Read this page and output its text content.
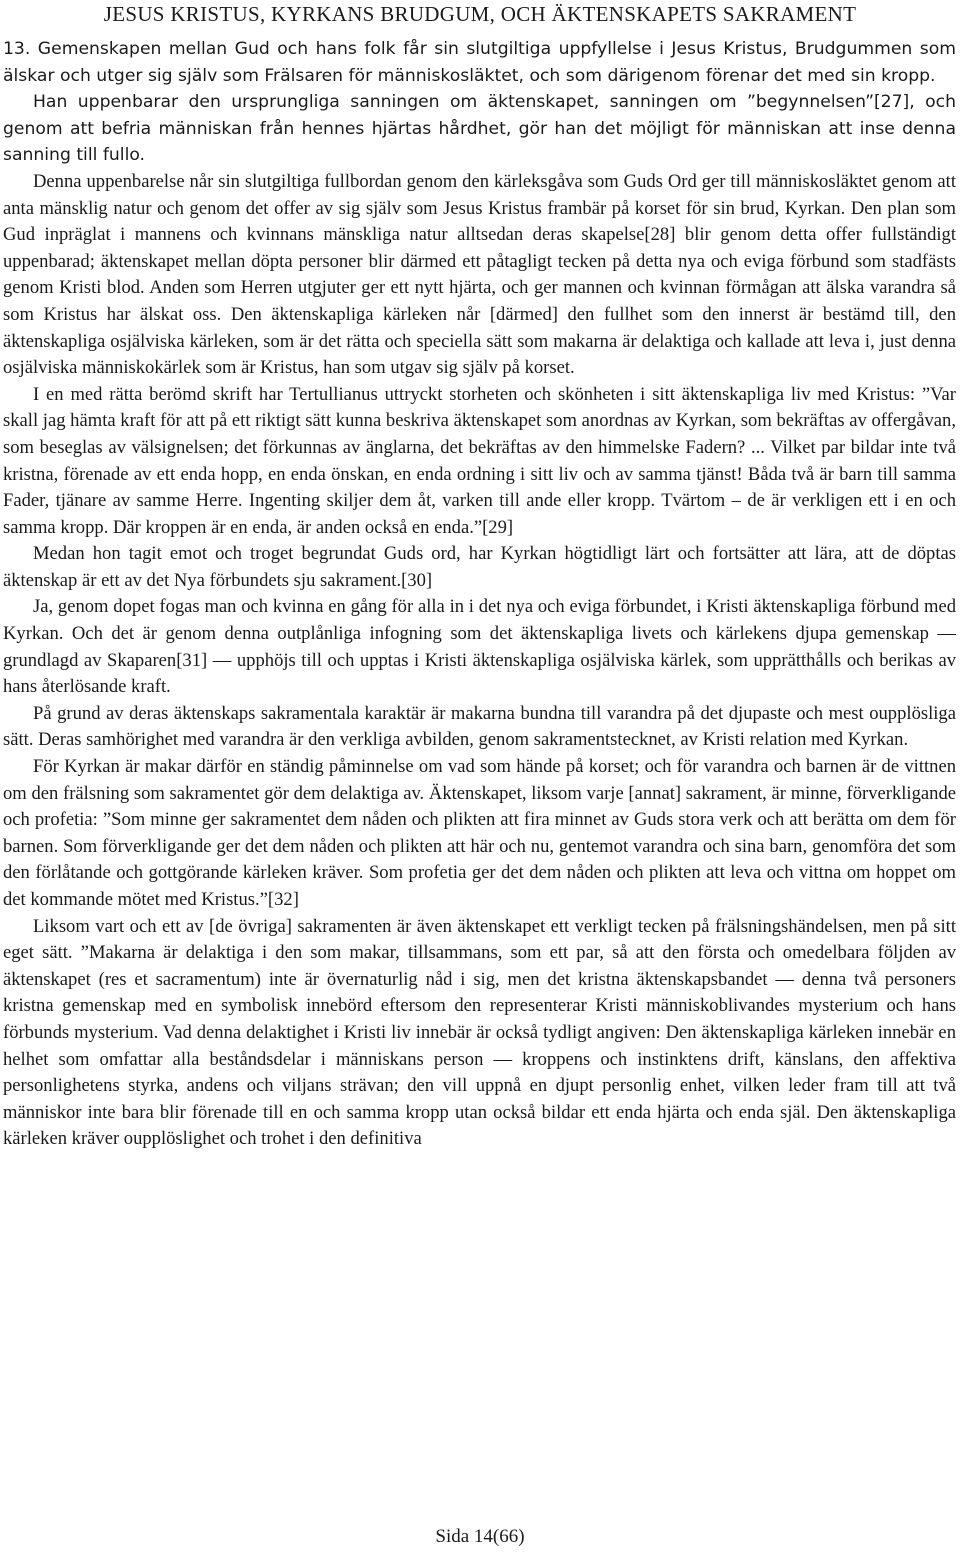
JESUS KRISTUS, KYRKANS BRUDGUM, OCH ÄKTENSKAPETS SAKRAMENT

13. Gemenskapen mellan Gud och hans folk får sin slutgiltiga uppfyllelse i Jesus Kristus, Brudgummen som älskar och utger sig själv som Frälsaren för människosläktet, och som därigenom förenar det med sin kropp.

Han uppenbarar den ursprungliga sanningen om äktenskapet, sanningen om ”begynnelsen”[27], och genom att befria människan från hennes hjärtas hårdhet, gör han det möjligt för människan att inse denna sanning till fullo.

Denna uppenbarelse når sin slutgiltiga fullbordan genom den kärleksgåva som Guds Ord ger till människosläktet genom att anta mänsklig natur och genom det offer av sig själv som Jesus Kristus frambär på korset för sin brud, Kyrkan. Den plan som Gud inpräglat i mannens och kvinnans mänskliga natur alltsedan deras skapelse[28] blir genom detta offer fullständigt uppenbarad; äktenskapet mellan döpta personer blir därmed ett påtagligt tecken på detta nya och eviga förbund som stadfästs genom Kristi blod. Anden som Herren utgjuter ger ett nytt hjärta, och ger mannen och kvinnan förmågan att älska varandra så som Kristus har älskat oss. Den äktenskapliga kärleken når [därmed] den fullhet som den innerst är bestämd till, den äktenskapliga osjälviska kärleken, som är det rätta och speciella sätt som makarna är delaktiga och kallade att leva i, just denna osjälviska människokärlek som är Kristus, han som utgav sig själv på korset.

I en med rätta berömd skrift har Tertullianus uttryckt storheten och skönheten i sitt äktenskapliga liv med Kristus: ”Var skall jag hämta kraft för att på ett riktigt sätt kunna beskriva äktenskapet som anordnas av Kyrkan, som bekräftas av offergåvan, som beseglas av välsignelsen; det förkunnas av änglarna, det bekräftas av den himmelske Fadern? ... Vilket par bildar inte två kristna, förenade av ett enda hopp, en enda önskan, en enda ordning i sitt liv och av samma tjänst! Båda två är barn till samma Fader, tjänare av samme Herre. Ingenting skiljer dem åt, varken till ande eller kropp. Tvärtom – de är verkligen ett i en och samma kropp. Där kroppen är en enda, är anden också en enda.”[29]

Medan hon tagit emot och troget begrundat Guds ord, har Kyrkan högtidligt lärt och fortsätter att lära, att de döptas äktenskap är ett av det Nya förbundets sju sakrament.[30]

Ja, genom dopet fogas man och kvinna en gång för alla in i det nya och eviga förbundet, i Kristi äktenskapliga förbund med Kyrkan. Och det är genom denna outplånliga infogning som det äktenskapliga livets och kärlekens djupa gemenskap — grundlagd av Skaparen[31] — upphöjs till och upptas i Kristi äktenskapliga osjälviska kärlek, som upprätthålls och berikas av hans återlösande kraft.

På grund av deras äktenskaps sakramentala karaktär är makarna bundna till varandra på det djupaste och mest oupplösliga sätt. Deras samhörighet med varandra är den verkliga avbilden, genom sakramentstecknet, av Kristi relation med Kyrkan.

För Kyrkan är makar därför en ständig påminnelse om vad som hände på korset; och för varandra och barnen är de vittnen om den frälsning som sakramentet gör dem delaktiga av. Äktenskapet, liksom varje [annat] sakrament, är minne, förverkligande och profetia: ”Som minne ger sakramentet dem nåden och plikten att fira minnet av Guds stora verk och att berätta om dem för barnen. Som förverkligande ger det dem nåden och plikten att här och nu, gentemot varandra och sina barn, genomföra det som den förlåtande och gottgörande kärleken kräver. Som profetia ger det dem nåden och plikten att leva och vittna om hoppet om det kommande mötet med Kristus.”[32]

Liksom vart och ett av [de övriga] sakramenten är även äktenskapet ett verkligt tecken på frälsningshändelsen, men på sitt eget sätt. ”Makarna är delaktiga i den som makar, tillsammans, som ett par, så att den första och omedelbara följden av äktenskapet (res et sacramentum) inte är övernaturlig nåd i sig, men det kristna äktenskapsbandet — denna två personers kristna gemenskap med en symbolisk innebörd eftersom den representerar Kristi människoblivandes mysterium och hans förbunds mysterium. Vad denna delaktighet i Kristi liv innebär är också tydligt angiven: Den äktenskapliga kärleken innebär en helhet som omfattar alla beståndsdelar i människans person — kroppens och instinktens drift, känslans, den affektiva personlighetens styrka, andens och viljans strävan; den vill uppnå en djupt personlig enhet, vilken leder fram till att två människor inte bara blir förenade till en och samma kropp utan också bildar ett enda hjärta och enda själ. Den äktenskapliga kärleken kräver oupplöslighet och trohet i den definitiva

Sida 14(66)
